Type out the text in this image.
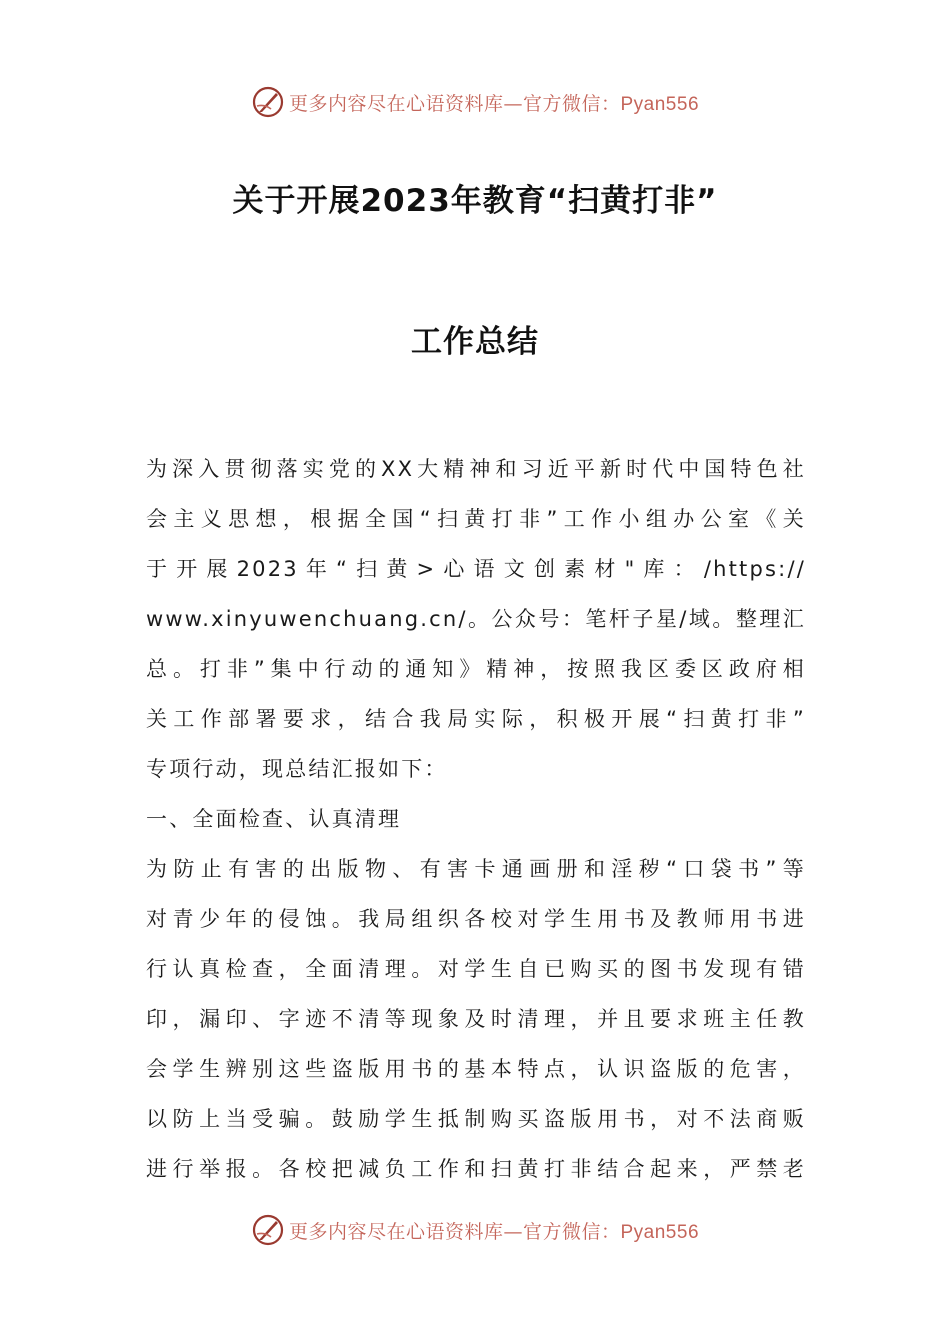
更多内容尽在心语资料库—官方微信：Pyan556
关于开展2023年教育“扫黄打非”
工作总结
为深入贯彻落实党的XX大精神和习近平新时代中国特色社
会主义思想，根据全国“扫黄打非”工作小组办公室《关
于开展2023年“扫黄>心语文创素材"库：/https://
www.xinyuwenchuang.cn/。公众号：笔杆子星/域。整理汇
总。打非”集中行动的通知》精神，按照我区委区政府相
关工作部署要求，结合我局实际，积极开展“扫黄打非”
专项行动，现总结汇报如下：
一、全面检查、认真清理
为防止有害的出版物、有害卡通画册和淫秽“口袋书”等
对青少年的侵蚀。我局组织各校对学生用书及教师用书进
行认真检查，全面清理。对学生自已购买的图书发现有错
印，漏印、字迹不清等现象及时清理，并且要求班主任教
会学生辨别这些盗版用书的基本特点，认识盗版的危害，
以防上当受骗。鼓励学生抵制购买盗版用书，对不法商贩
进行举报。各校把减负工作和扫黄打非结合起来，严禁老
更多内容尽在心语资料库—官方微信：Pyan556
